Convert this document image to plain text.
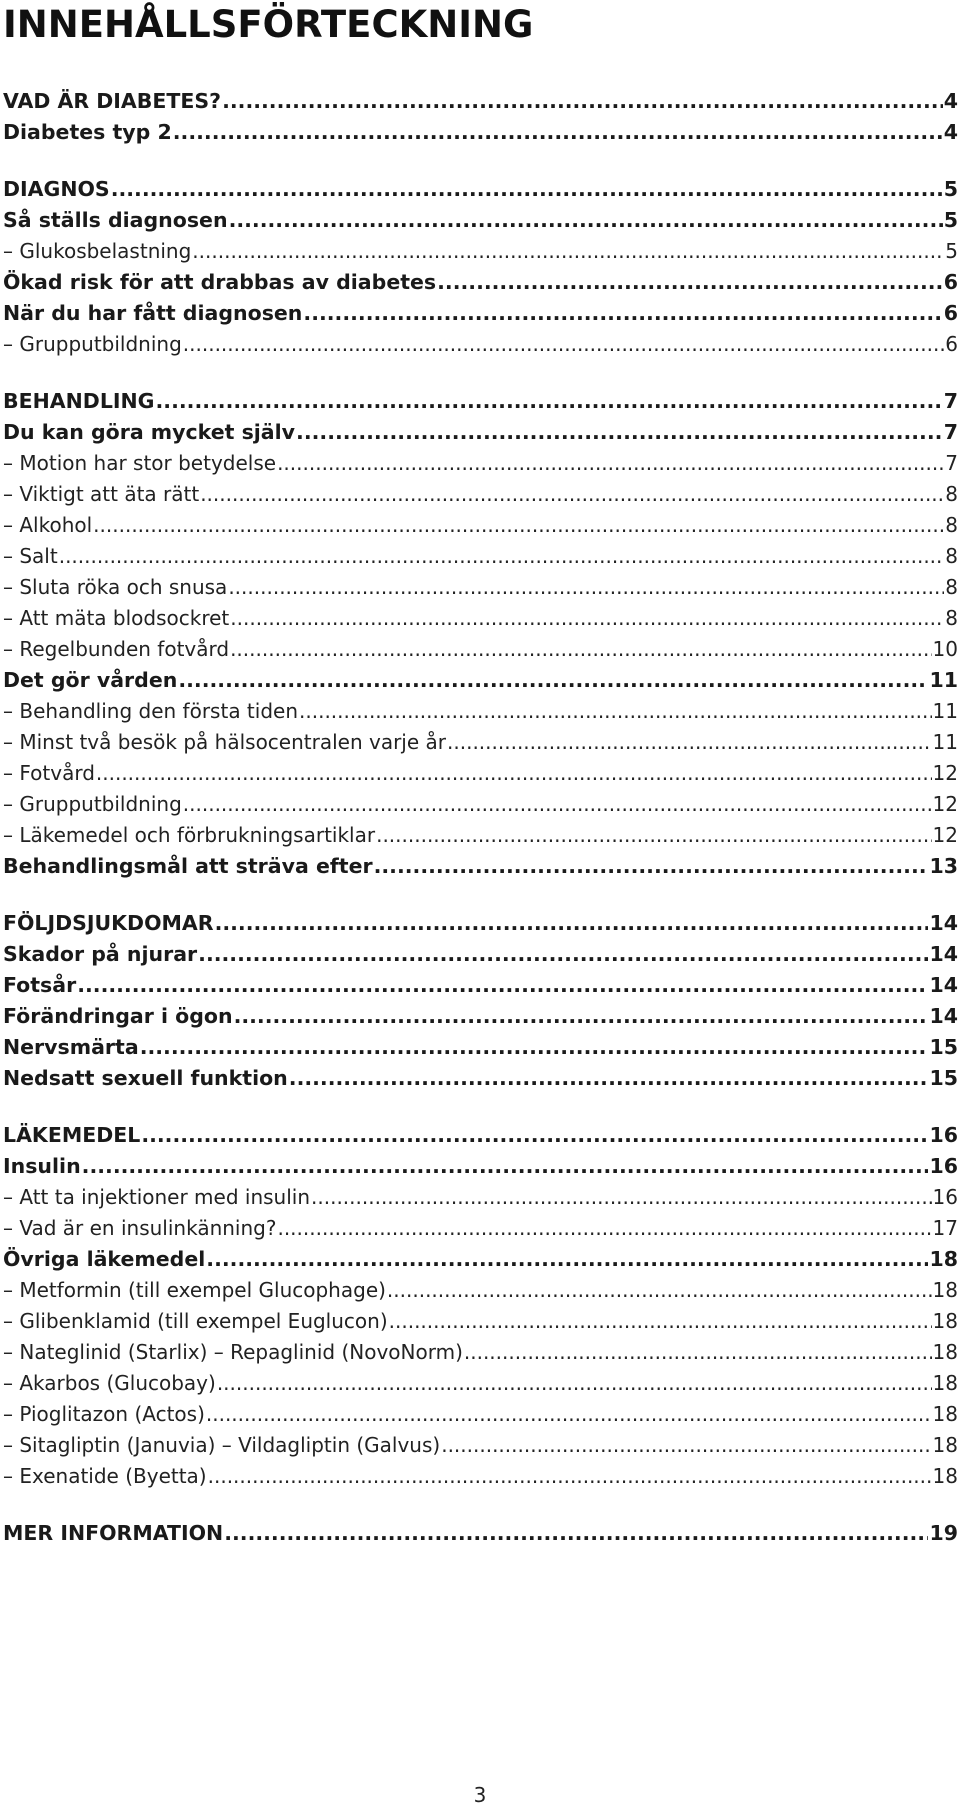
INNEHÅLLSFÖRTECKNING
VAD ÄR DIABETES? .....	4
Diabetes typ 2 .....	4
DIAGNOS .....	5
Så ställs diagnosen .....	5
– Glukosbelastning .....	5
Ökad risk för att drabbas av diabetes .....	6
När du har fått diagnosen .....	6
– Grupputbildning .....	6
BEHANDLING .....	7
Du kan göra mycket själv .....	7
– Motion har stor betydelse .....	7
– Viktigt att äta rätt .....	8
– Alkohol .....	8
– Salt .....	8
– Sluta röka och snusa .....	8
– Att mäta blodsockret .....	8
– Regelbunden fotvård .....	10
Det gör vården .....	11
– Behandling den första tiden .....	11
– Minst två besök på hälsocentralen varje år .....	11
– Fotvård .....	12
– Grupputbildning .....	12
– Läkemedel och förbrukningsartiklar .....	12
Behandlingsmål att sträva efter .....	13
FÖLJDSJUKDOMAR .....	14
Skador på njurar .....	14
Fotsår .....	14
Förändringar i ögon .....	14
Nervsmärta .....	15
Nedsatt sexuell funktion .....	15
LÄKEMEDEL .....	16
Insulin .....	16
– Att ta injektioner med insulin .....	16
– Vad är en insulinkänning? .....	17
Övriga läkemedel .....	18
– Metformin (till exempel Glucophage) .....	18
– Glibenklamid (till exempel Euglucon) .....	18
– Nateglinid (Starlix) – Repaglinid (NovoNorm) .....	18
– Akarbos (Glucobay) .....	18
– Pioglitazon (Actos) .....	18
– Sitagliptin (Januvia) – Vildagliptin (Galvus) .....	18
– Exenatide (Byetta) .....	18
MER INFORMATION .....	19
3
